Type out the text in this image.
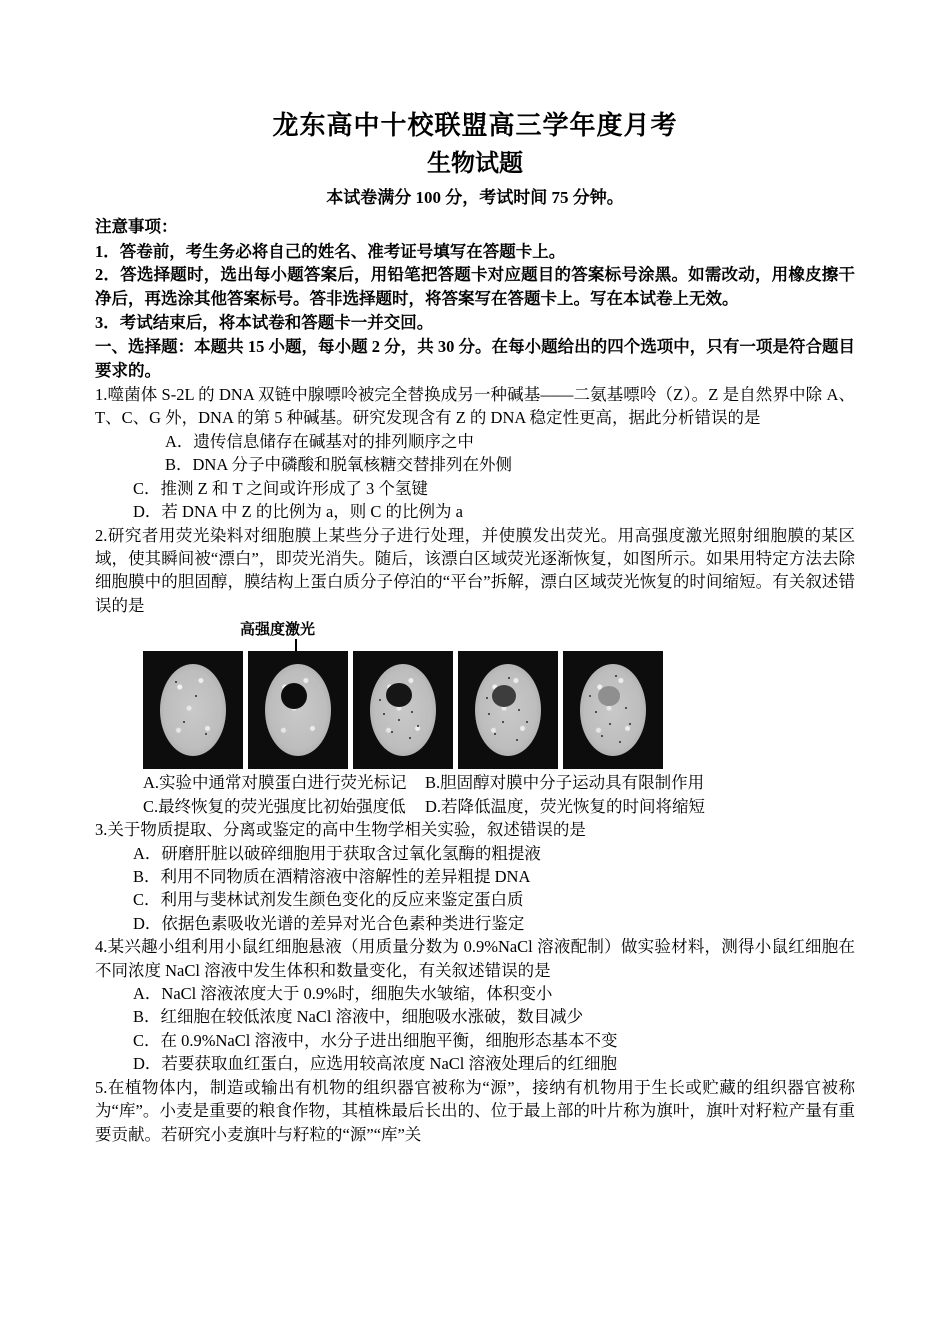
龙东高中十校联盟高三学年度月考
生物试题
本试卷满分 100 分，考试时间 75 分钟。
注意事项：

1．答卷前，考生务必将自己的姓名、准考证号填写在答题卡上。

2．答选择题时，选出每小题答案后，用铅笔把答题卡对应题目的答案标号涂黑。如需改动，用橡皮擦干净后，再选涂其他答案标号。答非选择题时，将答案写在答题卡上。写在本试卷上无效。

3．考试结束后，将本试卷和答题卡一并交回。

一、选择题：本题共 15 小题，每小题 2 分，共 30 分。在每小题给出的四个选项中，只有一项是符合题目要求的。

1.噬菌体 S-2L 的 DNA 双链中腺嘌呤被完全替换成另一种碱基——二氨基嘌呤（Z）。Z 是自然界中除 A、T、C、G 外，DNA 的第 5 种碱基。研究发现含有 Z 的 DNA 稳定性更高，据此分析错误的是

A．遗传信息储存在碱基对的排列顺序之中

B．DNA 分子中磷酸和脱氧核糖交替排列在外侧

C．推测 Z 和 T 之间或许形成了 3 个氢键

D．若 DNA 中 Z 的比例为 a，则 C 的比例为 a

2.研究者用荧光染料对细胞膜上某些分子进行处理，并使膜发出荧光。用高强度激光照射细胞膜的某区域，使其瞬间被“漂白”，即荧光消失。随后，该漂白区域荧光逐渐恢复，如图所示。如果用特定方法去除细胞膜中的胆固醇，膜结构上蛋白质分子停泊的“平台”拆解，漂白区域荧光恢复的时间缩短。有关叙述错误的是

高强度激光
A.实验中通常对膜蛋白进行荧光标记	B.胆固醇对膜中分子运动具有限制作用
C.最终恢复的荧光强度比初始强度低	D.若降低温度，荧光恢复的时间将缩短

3.关于物质提取、分离或鉴定的高中生物学相关实验，叙述错误的是

A．研磨肝脏以破碎细胞用于获取含过氧化氢酶的粗提液

B．利用不同物质在酒精溶液中溶解性的差异粗提 DNA

C．利用与斐林试剂发生颜色变化的反应来鉴定蛋白质

D．依据色素吸收光谱的差异对光合色素种类进行鉴定

4.某兴趣小组利用小鼠红细胞悬液（用质量分数为 0.9%NaCl 溶液配制）做实验材料，测得小鼠红细胞在不同浓度 NaCl 溶液中发生体积和数量变化，有关叙述错误的是

A．NaCl 溶液浓度大于 0.9%时，细胞失水皱缩，体积变小

B．红细胞在较低浓度 NaCl 溶液中，细胞吸水涨破，数目减少

C．在 0.9%NaCl 溶液中，水分子进出细胞平衡，细胞形态基本不变

D．若要获取血红蛋白，应选用较高浓度 NaCl 溶液处理后的红细胞

5.在植物体内，制造或输出有机物的组织器官被称为“源”，接纳有机物用于生长或贮藏的组织器官被称为“库”。小麦是重要的粮食作物，其植株最后长出的、位于最上部的叶片称为旗叶，旗叶对籽粒产量有重要贡献。若研究小麦旗叶与籽粒的“源”“库”关
